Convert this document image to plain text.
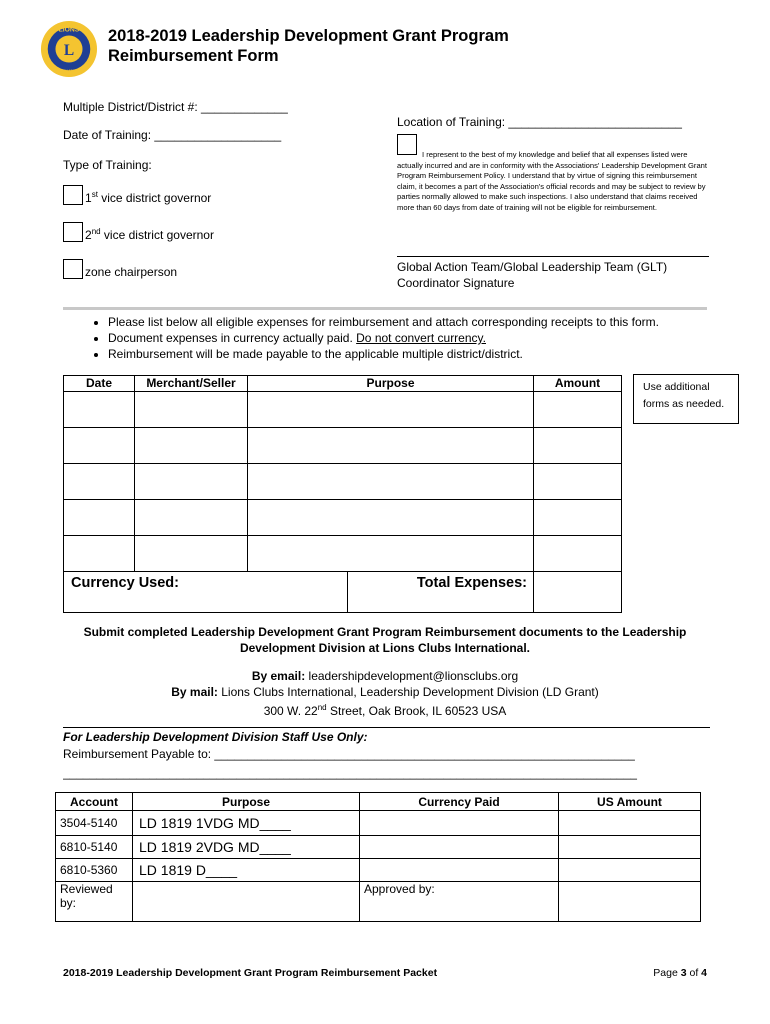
L
LIONS
INTERNATIONAL
2018-2019 Leadership Development Grant Program
Reimbursement Form
Multiple District/District #: _____________
Date of Training: ___________________
Type of Training:
Location of Training: __________________________
1st vice district governor
2nd vice district governor
zone chairperson
I represent to the best of my knowledge and belief that all expenses listed were actually incurred and are in conformity with the Associations' Leadership Development Grant Program Reimbursement Policy. I understand that by virtue of signing this reimbursement claim, it becomes a part of the Association's official records and may be subject to review by parties normally allowed to make such inspections. I also understand that claims received more than 60 days from date of training will not be eligible for reimbursement.
Global Action Team/Global Leadership Team (GLT)
Coordinator Signature
• Please list below all eligible expenses for reimbursement and attach corresponding receipts to this form.
• Document expenses in currency actually paid. Do not convert currency.
• Reimbursement will be made payable to the applicable multiple district/district.
Date	Merchant/Seller	Purpose	Amount

				Use additional
forms as needed.
Currency Used:	Total Expenses:	
Submit completed Leadership Development Grant Program Reimbursement documents to the Leadership
Development Division at Lions Clubs International.
By email: leadershipdevelopment@lionsclubs.org
By mail: Lions Clubs International, Leadership Development Division (LD Grant)
300 W. 22nd Street, Oak Brook, IL 60523 USA
For Leadership Development Division Staff Use Only:
Reimbursement Payable to: _______________________________________________________________
______________________________________________________________________________________
Account	Purpose	Currency Paid	US Amount
3504-5140	LD 1819 1VDG MD____		
6810-5140	LD 1819 2VDG MD____		
6810-5360	LD 1819 D____		
Reviewed by:		Approved by:	
2018-2019 Leadership Development Grant Program Reimbursement Packet	Page 3 of 4
